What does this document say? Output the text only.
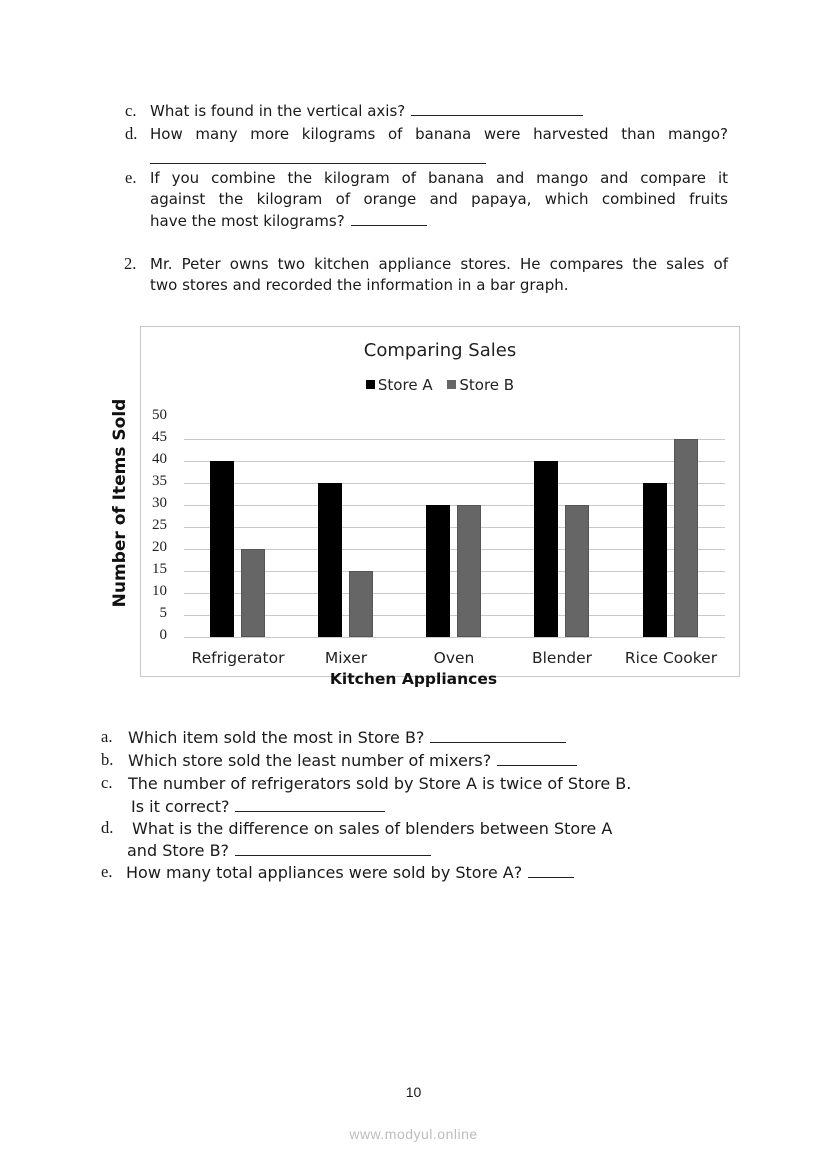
c. What is found in the vertical axis?
d. How many more kilograms of banana were harvested than mango?
e. If you combine the kilogram of banana and mango and compare it
against the kilogram of orange and papaya, which combined fruits
have the most kilograms?
2. Mr. Peter owns two kitchen appliance stores. He compares the sales of
two stores and recorded the information in a bar graph.
Comparing Sales
Store A Store B
Number of Items Sold	50
45
40
35
30
25
20
15
10
5
0
Refrigerator	Mixer	Oven	Blender	Rice Cooker
Kitchen Appliances
a. Which item sold the most in Store B?
b. Which store sold the least number of mixers?
c. The number of refrigerators sold by Store A is twice of Store B.
Is it correct?
d. What is the difference on sales of blenders between Store A
and Store B?
e. How many total appliances were sold by Store A?
10
www.modyul.online
